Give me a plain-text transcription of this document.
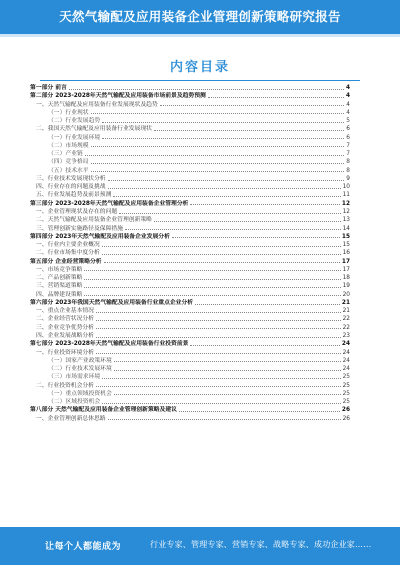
天然气输配及应用装备企业管理创新策略研究报告
内容目录
第一部分 前言	4
第二部分 2023-2028年天然气输配及应用装备市场前景及趋势预测	4
一、天然气输配及应用装备行业发展现状及趋势	4
（一）行业现状	4
（二）行业发展趋势	5
二、我国天然气输配及应用装备行业发展现状	6
（一）行业发展环境	6
（二）市场规模	7
（三）产业链	7
（四）竞争格局	8
（五）技术水平	8
三、行业技术发展现状分析	9
四、行业存在的问题及挑战	10
五、行业发展趋势及前景预测	11
第三部分 2023-2028年天然气输配及应用装备企业管理分析	12
一、企业管理现状及存在的问题	12
二、天然气输配及应用装备企业管理创新策略	13
三、管理创新实施路径及保障措施	14
第四部分 2023年天然气输配及应用装备企业发展分析	15
一、行业内主要企业概况	15
二、行业市场集中度分析	16
第五部分 企业经营策略分析	17
一、市场竞争策略	17
二、产品创新策略	18
三、营销渠道策略	19
四、品牌建设策略	20
第六部分 2023年我国天然气输配及应用装备行业重点企业分析	21
一、重点企业基本情况	21
二、企业经营状况分析	22
三、企业竞争优势分析	22
四、企业发展战略分析	23
第七部分 2023-2028年天然气输配及应用装备行业投资前景	24
一、行业投资环境分析	24
（一）国家产业政策环境	24
（二）行业技术发展环境	24
（三）市场需求环境	25
二、行业投资机会分析	25
（一）重点领域投资机会	25
（二）区域投资机会	25
第八部分 天然气输配及应用装备企业管理创新策略及建议	26
一、企业管理创新总体思路	26
让每个人都能成为	行业专家、管理专家、营销专家、战略专家、成功企业家……
